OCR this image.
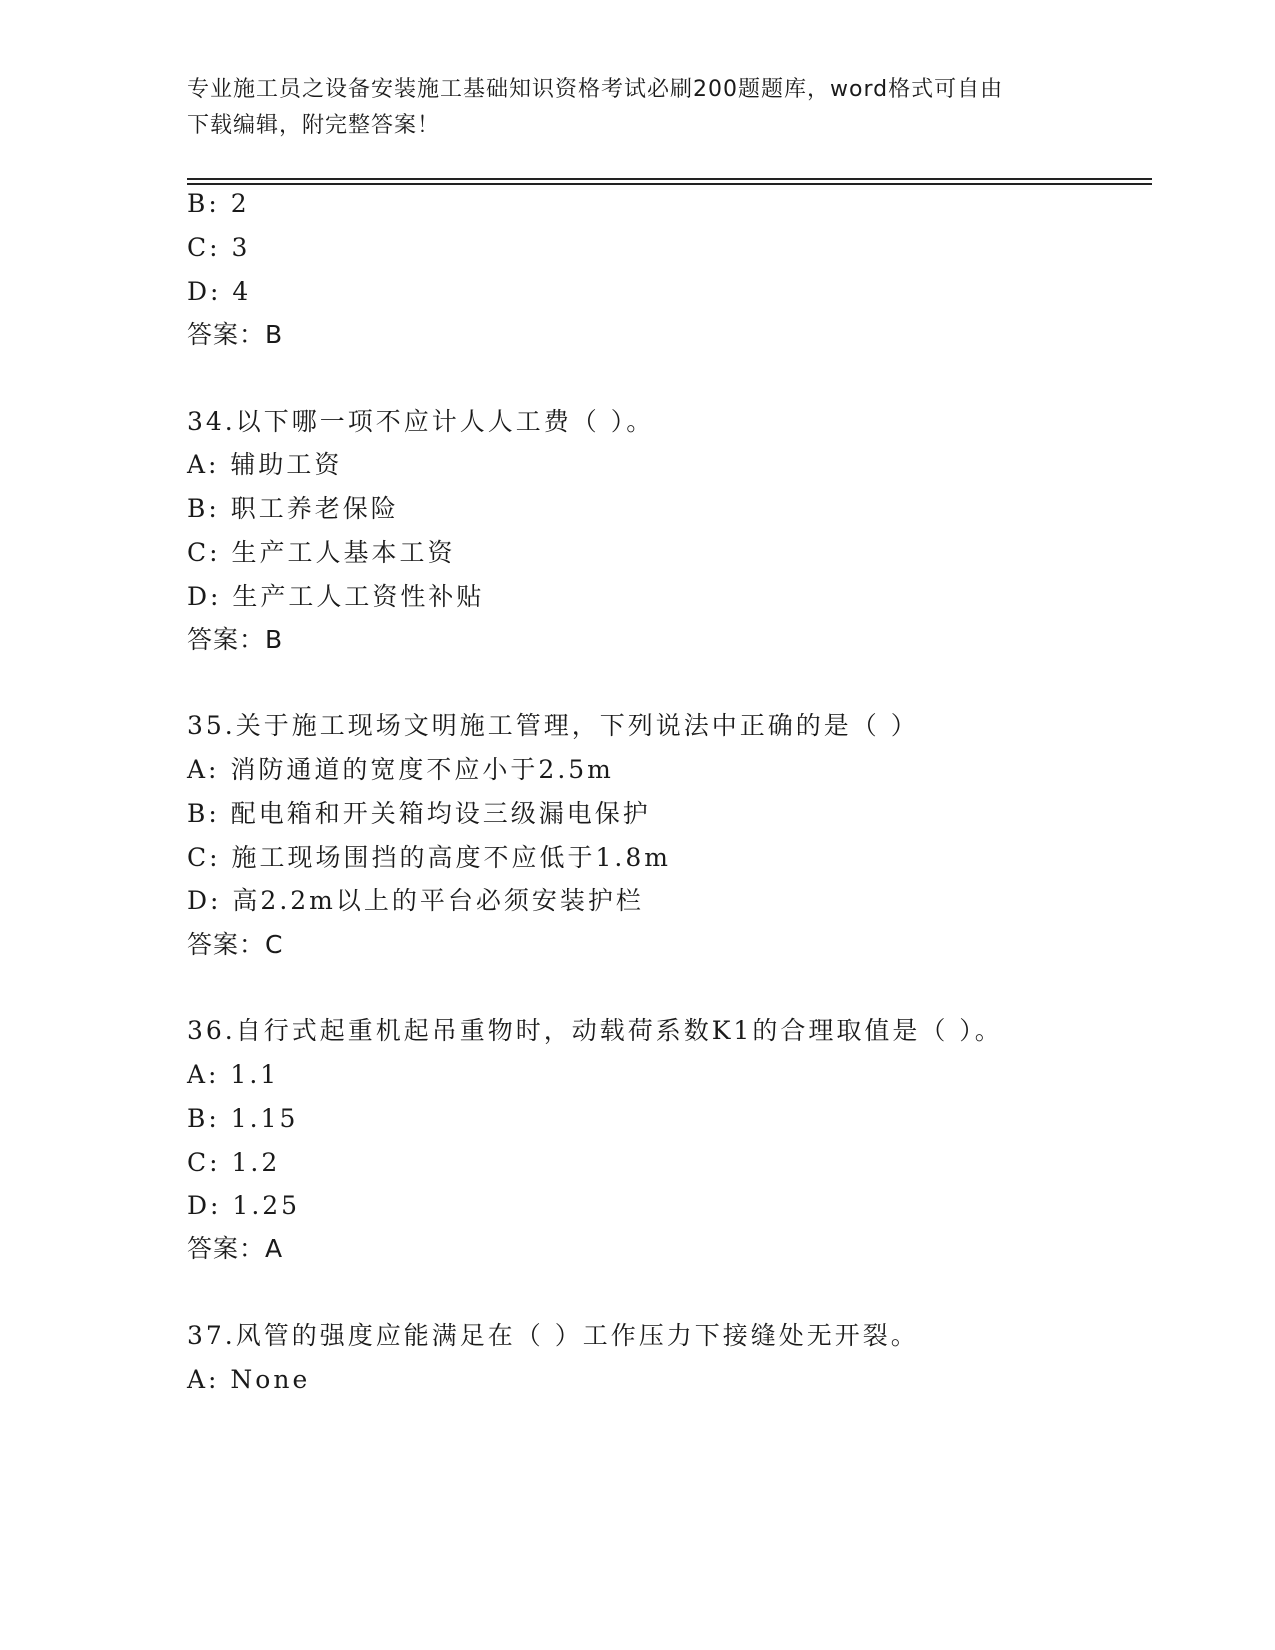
专业施工员之设备安装施工基础知识资格考试必刷200题题库，word格式可自由
下载编辑，附完整答案！
B: 2
C: 3
D: 4
答案：B
34.以下哪一项不应计人人工费（ ）。
A: 辅助工资
B: 职工养老保险
C: 生产工人基本工资
D: 生产工人工资性补贴
答案：B
35.关于施工现场文明施工管理，下列说法中正确的是（ ）
A: 消防通道的宽度不应小于2.5m
B: 配电箱和开关箱均设三级漏电保护
C: 施工现场围挡的高度不应低于1.8m
D: 高2.2m以上的平台必须安装护栏
答案：C
36.自行式起重机起吊重物时，动载荷系数K1的合理取值是（ ）。
A: 1.1
B: 1.15
C: 1.2
D: 1.25
答案：A
37.风管的强度应能满足在（ ）工作压力下接缝处无开裂。
A: None
